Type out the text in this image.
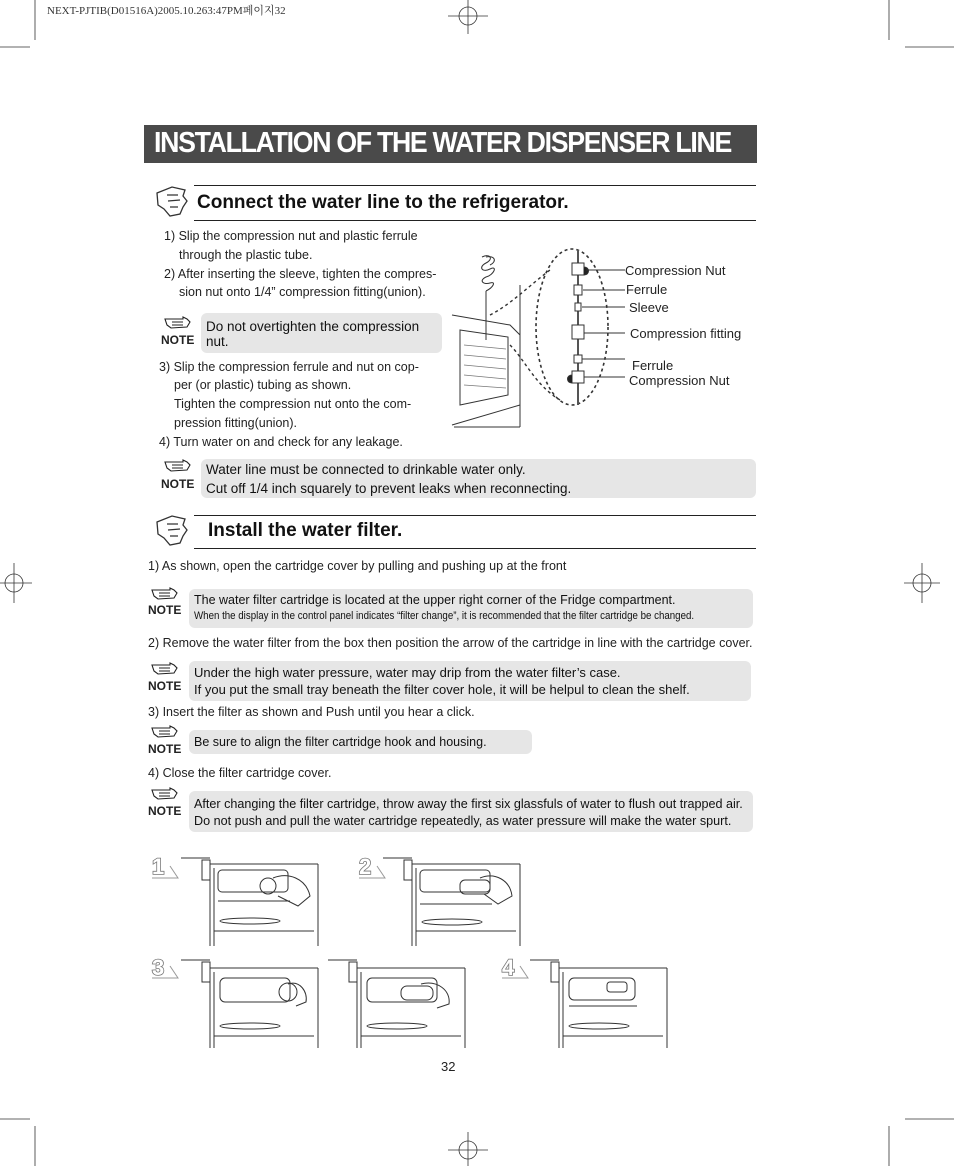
NEXT-PJTIB(D01516A)2005.10.263:47PM페이지32
INSTALLATION OF THE WATER DISPENSER LINE
Connect the water line to the refrigerator.
1) Slip the compression nut and plastic ferrule
through the plastic tube.
2) After inserting the sleeve, tighten the compres-
sion nut onto 1/4” compression fitting(union).
NOTE
Do not overtighten the compression
nut.
3) Slip the compression ferrule and nut on cop-
per (or plastic) tubing as shown.
Tighten the compression nut onto the com-
pression fitting(union).
4) Turn water on and check for any leakage.
Compression Nut
Ferrule
Sleeve
Compression fitting
Ferrule
Compression Nut
NOTE
Water line must be connected to drinkable water only.
Cut off 1/4 inch squarely to prevent leaks when reconnecting.
Install the water filter.
1) As shown, open the cartridge cover by pulling and pushing up at the front
NOTE
The water filter cartridge is located at the upper right corner of the Fridge compartment.
When the display in the control panel indicates “filter change”, it is recommended that the filter cartridge be changed.
2) Remove the water filter from the box then position the arrow of the cartridge in line with the cartridge cover.
NOTE
Under the high water pressure, water may drip from the water filter’s case.
If you put the small tray beneath the filter cover hole, it will be helpul to clean the shelf.
3) Insert the filter as shown and Push until you hear a click.
NOTE Be sure to align the filter cartridge hook and housing.
4) Close the filter cartridge cover.
NOTE After changing the filter cartridge, throw away the first six glassfuls of water to flush out trapped air.
Do not push and pull the water cartridge repeatedly, as water pressure will make the water spurt.
1	2
3	4
32
